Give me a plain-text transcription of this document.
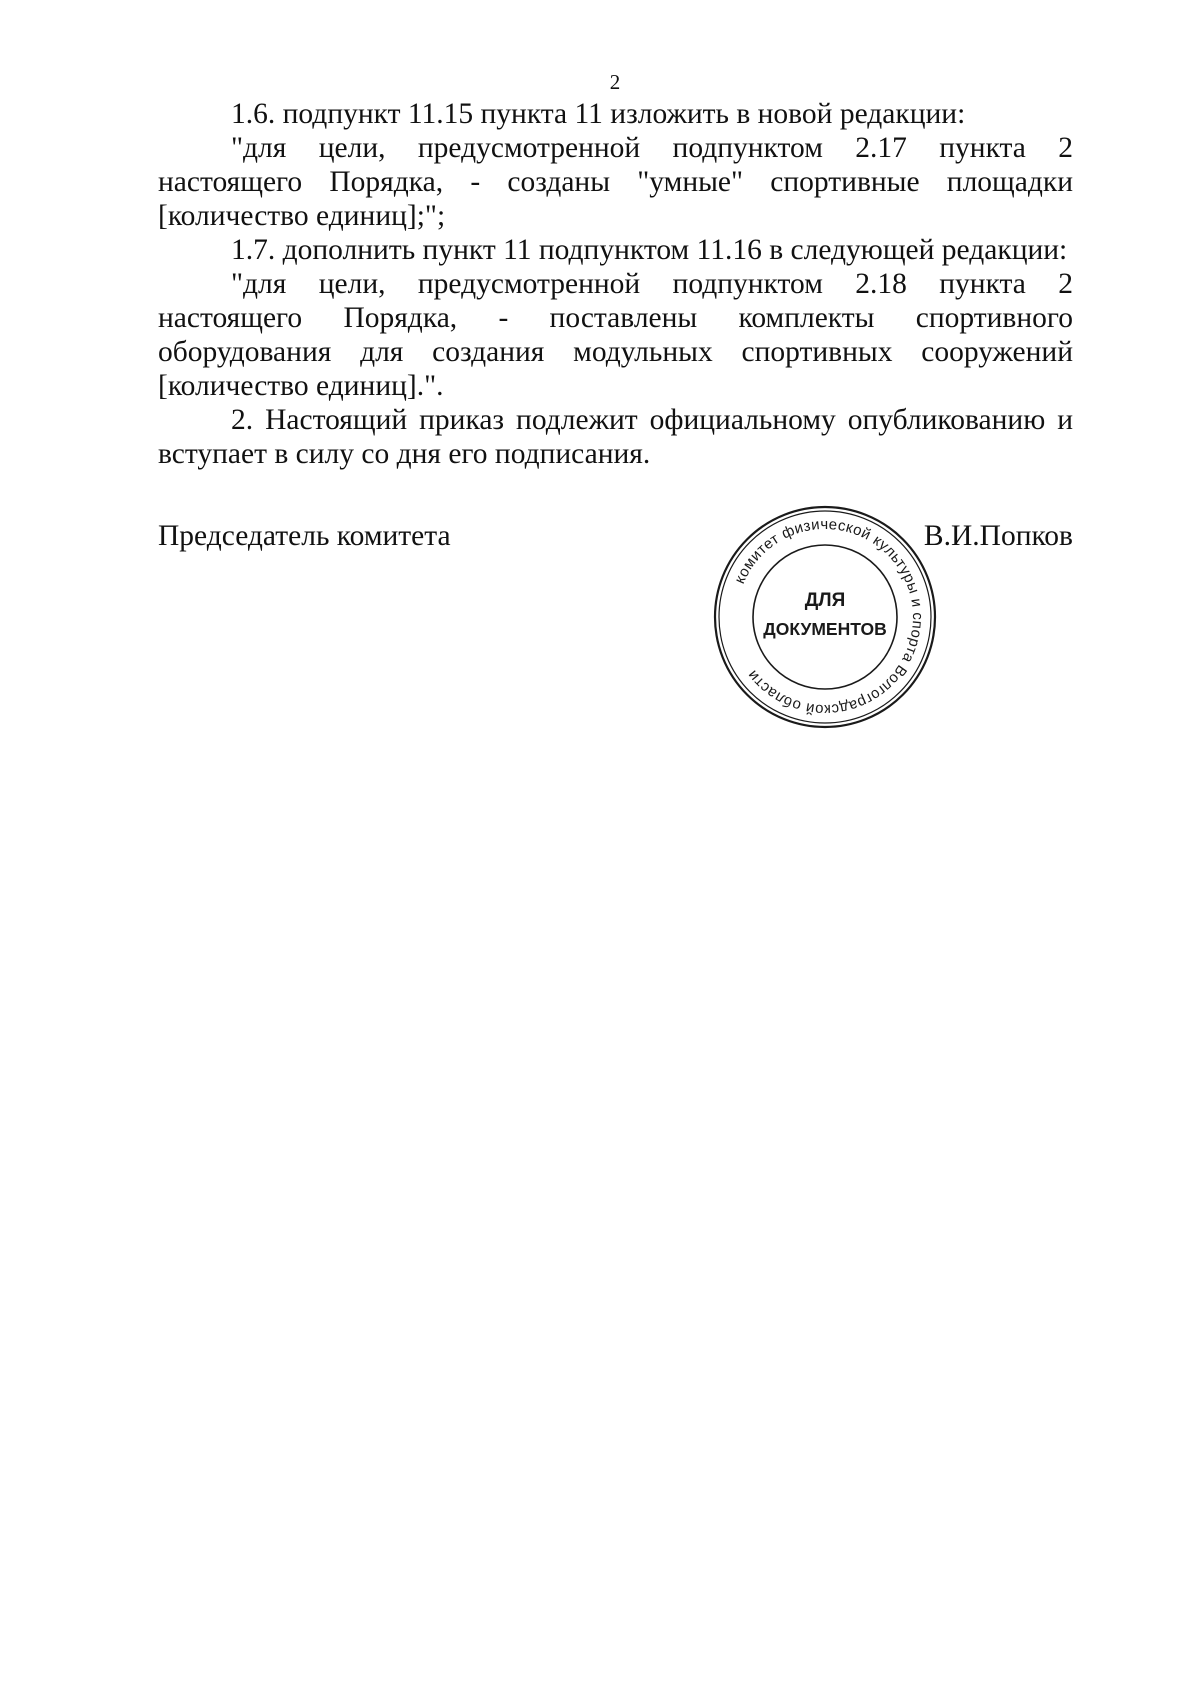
2

1.6. подпункт 11.15 пункта 11 изложить в новой редакции:

"для цели, предусмотренной подпунктом 2.17 пункта 2 настоящего Порядка, - созданы "умные" спортивные площадки [количество единиц];";

1.7. дополнить пункт 11 подпунктом 11.16 в следующей редакции:

"для цели, предусмотренной подпунктом 2.18 пункта 2 настоящего Порядка, - поставлены комплекты спортивного оборудования для создания модульных спортивных сооружений [количество единиц].".

2. Настоящий приказ подлежит официальному опубликованию и вступает в силу со дня его подписания.

Председатель комитета	В.И.Попков
комитет физической культуры и спорта Волгоградской области
ДЛЯ
ДОКУМЕНТОВ
